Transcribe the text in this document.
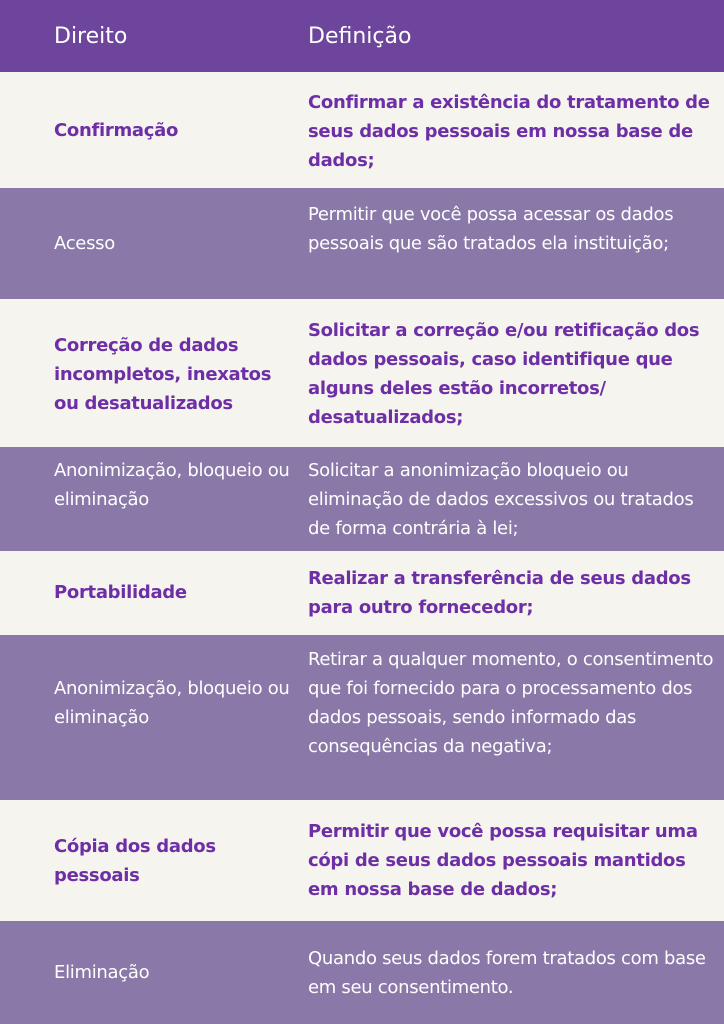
Direito	Definição
Confirmação
Confirmar a existência do tratamento de seus dados pessoais em nossa base de dados;
Acesso
Permitir que você possa acessar os dados pessoais que são tratados ela instituição;
Correção de dados incompletos, inexatos ou desatualizados
Solicitar a correção e/ou retificação dos dados pessoais, caso identifique que alguns deles estão incorretos/ desatualizados;
Anonimização, bloqueio ou eliminação
Solicitar a anonimização bloqueio ou eliminação de dados excessivos ou tratados de forma contrária à lei;
Portabilidade
Realizar a transferência de seus dados para outro fornecedor;
Anonimização, bloqueio ou eliminação
Retirar a qualquer momento, o consentimento que foi fornecido para o processamento dos dados pessoais, sendo informado das consequências da negativa;
Cópia dos dados pessoais
Permitir que você possa requisitar uma cópi de seus dados pessoais mantidos em nossa base de dados;
Eliminação
Quando seus dados forem tratados com base em seu consentimento.
